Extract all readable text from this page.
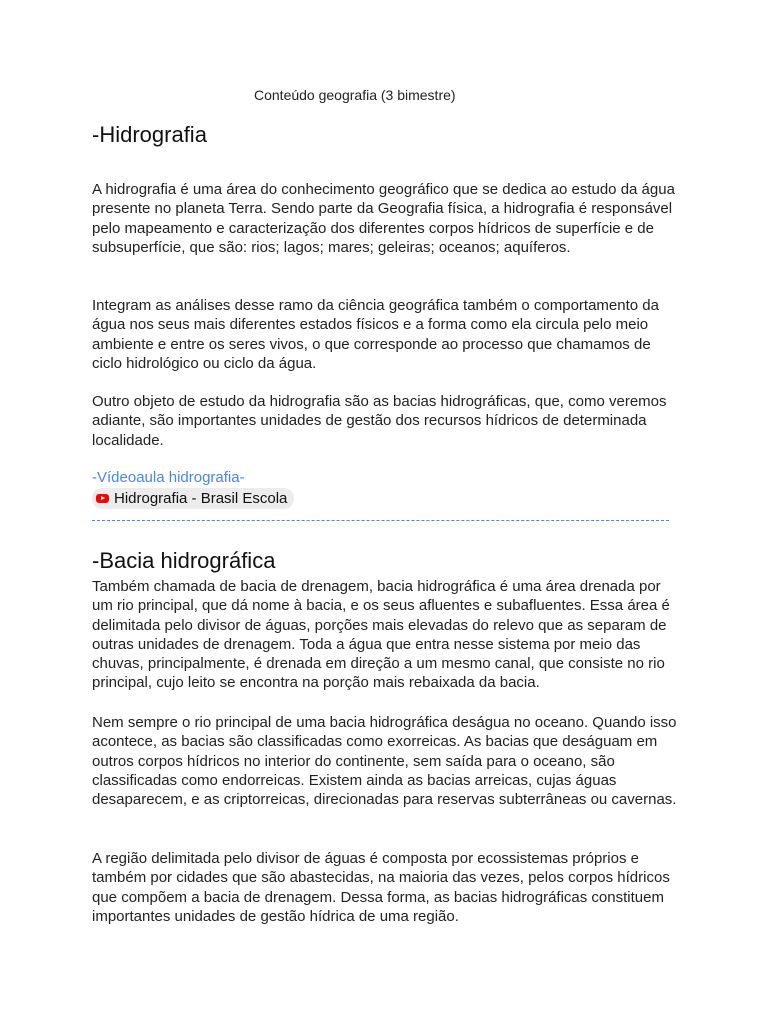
Conteúdo geografia (3 bimestre)
-Hidrografia

A hidrografia é uma área do conhecimento geográfico que se dedica ao estudo da água presente no planeta Terra. Sendo parte da Geografia física, a hidrografia é responsável pelo mapeamento e caracterização dos diferentes corpos hídricos de superfície e de subsuperfície, que são: rios; lagos; mares; geleiras; oceanos; aquíferos.

Integram as análises desse ramo da ciência geográfica também o comportamento da água nos seus mais diferentes estados físicos e a forma como ela circula pelo meio ambiente e entre os seres vivos, o que corresponde ao processo que chamamos de ciclo hidrológico ou ciclo da água.

Outro objeto de estudo da hidrografia são as bacias hidrográficas, que, como veremos adiante, são importantes unidades de gestão dos recursos hídricos de determinada localidade.

-Vídeoaula hidrografia-
Hidrografia - Brasil Escola
-Bacia hidrográfica

Também chamada de bacia de drenagem, bacia hidrográfica é uma área drenada por um rio principal, que dá nome à bacia, e os seus afluentes e subafluentes. Essa área é delimitada pelo divisor de águas, porções mais elevadas do relevo que as separam de outras unidades de drenagem. Toda a água que entra nesse sistema por meio das chuvas, principalmente, é drenada em direção a um mesmo canal, que consiste no rio principal, cujo leito se encontra na porção mais rebaixada da bacia.

Nem sempre o rio principal de uma bacia hidrográfica deságua no oceano. Quando isso acontece, as bacias são classificadas como exorreicas. As bacias que deságuam em outros corpos hídricos no interior do continente, sem saída para o oceano, são classificadas como endorreicas. Existem ainda as bacias arreicas, cujas águas desaparecem, e as criptorreicas, direcionadas para reservas subterrâneas ou cavernas.

A região delimitada pelo divisor de águas é composta por ecossistemas próprios e também por cidades que são abastecidas, na maioria das vezes, pelos corpos hídricos que compõem a bacia de drenagem. Dessa forma, as bacias hidrográficas constituem importantes unidades de gestão hídrica de uma região.
